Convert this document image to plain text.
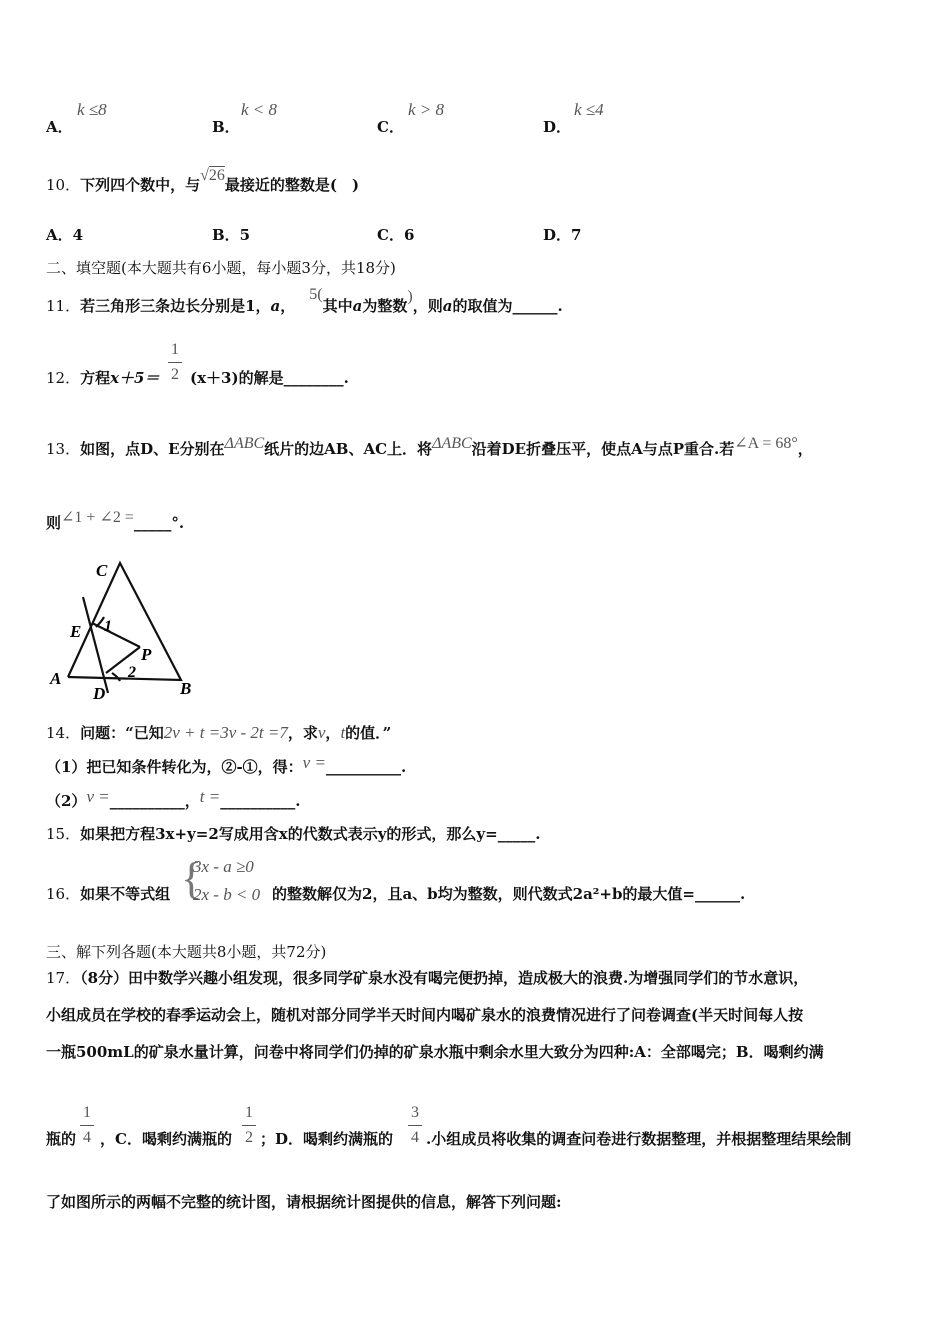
A．
k ≤8
B．
k < 8
C．
k > 8
D．
k ≤4
10．下列四个数中，与√26最接近的整数是(　)
A．4	B．5	C．6	D．7
二、填空题(本大题共有6小题，每小题3分，共18分)
11．若三角形三条边长分别是1，a，5(其中a为整数)，则a的取值为______.
12．方程x＋5＝
1
2 (x＋3)的解是________.
13．如图，点D、E分别在ΔABC纸片的边AB、AC上．将ΔABC沿着DE折叠压平，使点A与点P重合.若∠A = 68°，
则∠1 + ∠2 =_____°.
C
E 1
P
A	2
D	B
14．问题：“已知2v + t =3v - 2t =7，求v，t的值．”
（1）把已知条件转化为，②-①，得：v =__________.
（2）v =__________，t =__________.
15．如果把方程3x+y=2写成用含x的代数式表示y的形式，那么y=_____.
16．如果不等式组 {
3x - a ≥0
2x - b < 0 的整数解仅为2，且a、b均为整数，则代数式2a²+b的最大值=______.
三、解下列各题(本大题共8小题，共72分)
17．（8分）田中数学兴趣小组发现，很多同学矿泉水没有喝完便扔掉，造成极大的浪费.为增强同学们的节水意识，
小组成员在学校的春季运动会上，随机对部分同学半天时间内喝矿泉水的浪费情况进行了问卷调查(半天时间每人按
一瓶500mL的矿泉水量计算，问卷中将同学们仍掉的矿泉水瓶中剩余水里大致分为四种:A：全部喝完；B．喝剩约满
瓶的
1
4 ，C．喝剩约满瓶的
1
2 ；D．喝剩约满瓶的
3
4 .小组成员将收集的调查问卷进行数据整理，并根据整理结果绘制
了如图所示的两幅不完整的统计图，请根据统计图提供的信息，解答下列问题:
